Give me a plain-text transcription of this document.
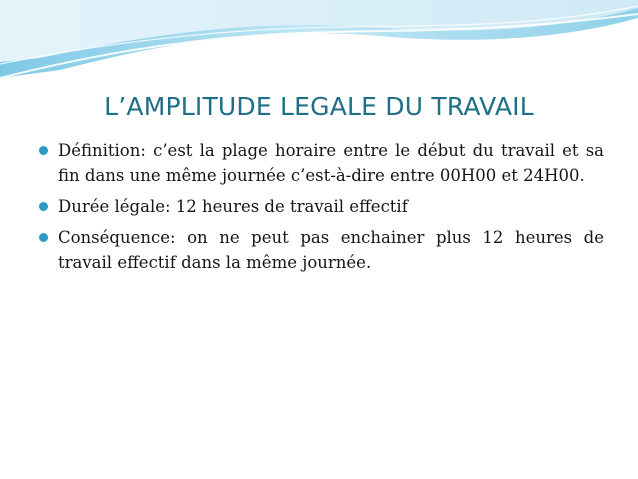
L’AMPLITUDE LEGALE DU TRAVAIL
Définition: c’est la plage horaire entre le début du travail et sa fin dans une même journée c’est-à-dire entre 00H00 et 24H00.
Durée légale: 12 heures de travail effectif
Conséquence: on ne peut pas enchainer plus 12 heures de travail effectif dans la même journée.
